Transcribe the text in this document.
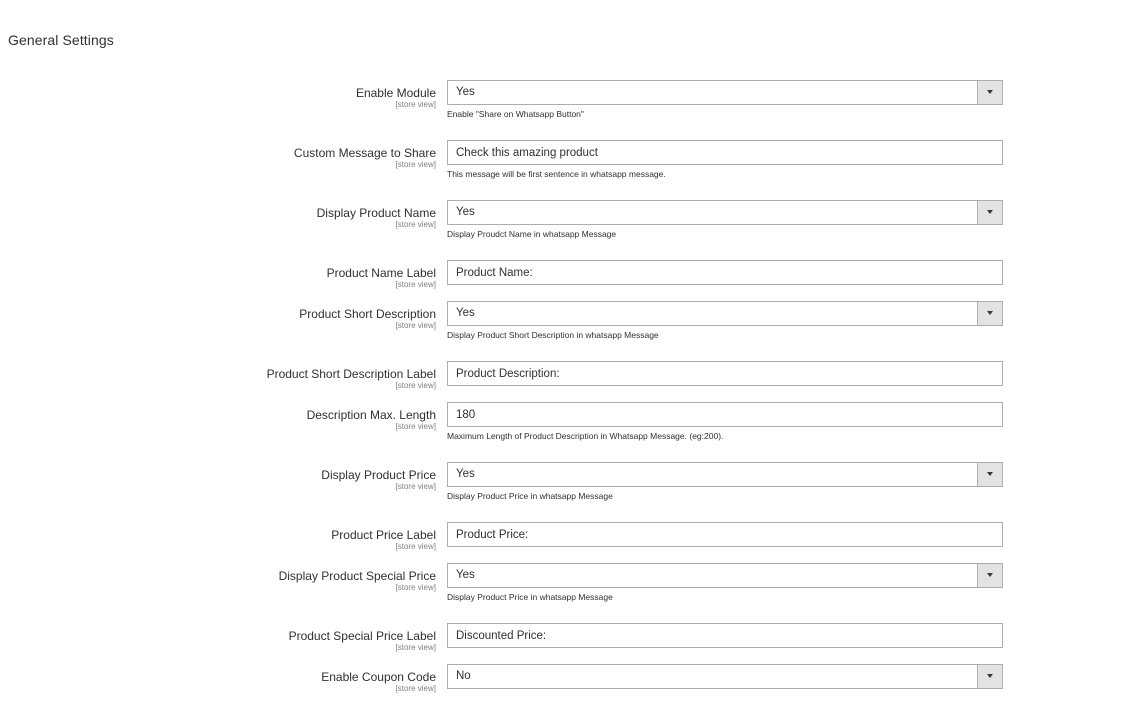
General Settings
Enable Module
[store view]
Yes
Enable "Share on Whatsapp Button"
Custom Message to Share
[store view]
Check this amazing product
This message will be first sentence in whatsapp message.
Display Product Name
[store view]
Yes
Display Proudct Name in whatsapp Message
Product Name Label
[store view]
Product Name:
Product Short Description
[store view]
Yes
Display Product Short Description in whatsapp Message
Product Short Description Label
[store view]
Product Description:
Description Max. Length
[store view]
180
Maximum Length of Product Description in Whatsapp Message. (eg:200).
Display Product Price
[store view]
Yes
Display Product Price in whatsapp Message
Product Price Label
[store view]
Product Price:
Display Product Special Price
[store view]
Yes
Display Product Price in whatsapp Message
Product Special Price Label
[store view]
Discounted Price:
Enable Coupon Code
[store view]
No
